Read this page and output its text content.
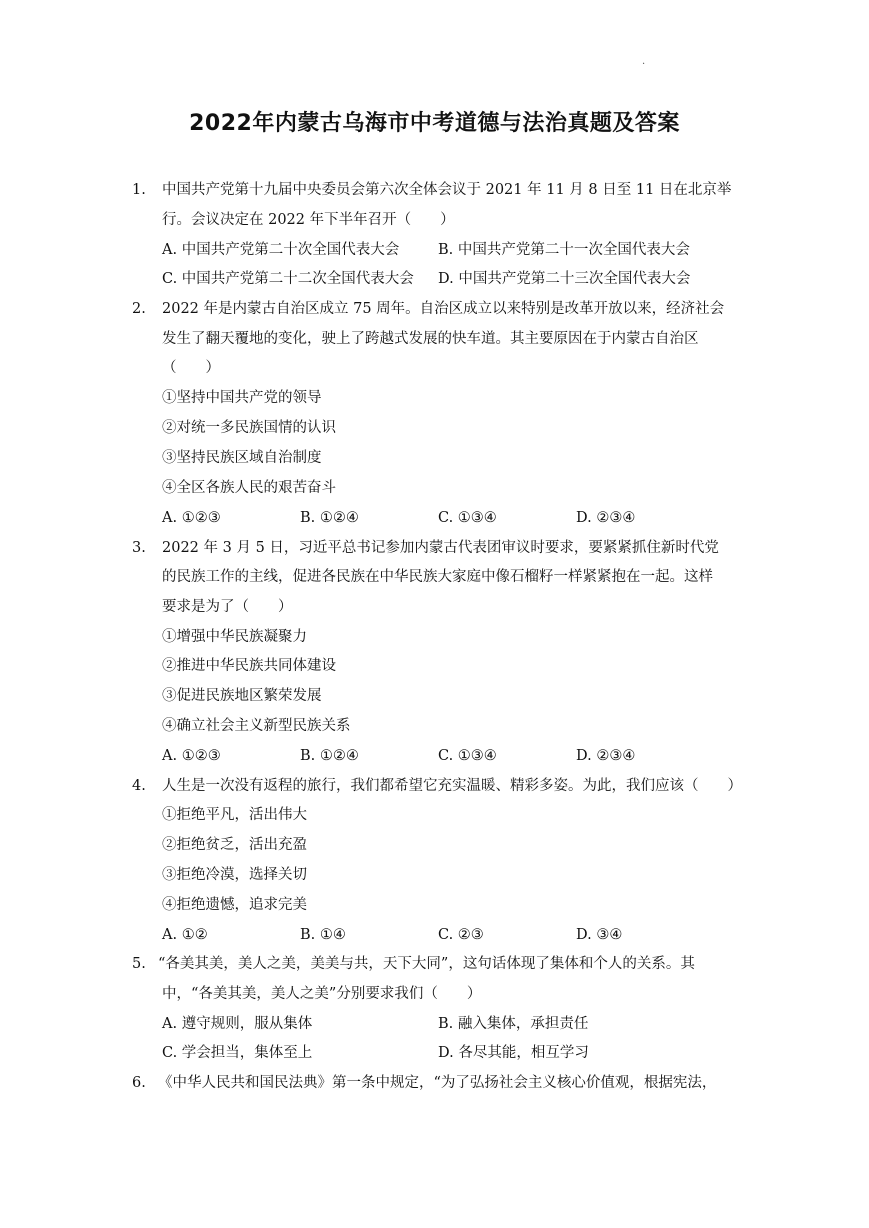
.
2022年内蒙古乌海市中考道德与法治真题及答案
1. 中国共产党第十九届中央委员会第六次全体会议于 2021 年 11 月 8 日至 11 日在北京举
行。会议决定在 2022 年下半年召开（　　）
A. 中国共产党第二十次全国代表大会	B. 中国共产党第二十一次全国代表大会
C. 中国共产党第二十二次全国代表大会 D. 中国共产党第二十三次全国代表大会
2. 2022 年是内蒙古自治区成立 75 周年。自治区成立以来特别是改革开放以来，经济社会
发生了翻天覆地的变化，驶上了跨越式发展的快车道。其主要原因在于内蒙古自治区
（　　）
①坚持中国共产党的领导
②对统一多民族国情的认识
③坚持民族区域自治制度
④全区各族人民的艰苦奋斗
A. ①②③	B. ①②④	C. ①③④	D. ②③④
3. 2022 年 3 月 5 日，习近平总书记参加内蒙古代表团审议时要求，要紧紧抓住新时代党
的民族工作的主线，促进各民族在中华民族大家庭中像石榴籽一样紧紧抱在一起。这样
要求是为了（　　）
①增强中华民族凝聚力
②推进中华民族共同体建设
③促进民族地区繁荣发展
④确立社会主义新型民族关系
A. ①②③	B. ①②④	C. ①③④	D. ②③④
4. 人生是一次没有返程的旅行，我们都希望它充实温暖、精彩多姿。为此，我们应该（　　）
①拒绝平凡，活出伟大
②拒绝贫乏，活出充盈
③拒绝冷漠，选择关切
④拒绝遗憾，追求完美
A. ①②	B. ①④	C. ②③	D. ③④
5. “各美其美，美人之美，美美与共，天下大同”，这句话体现了集体和个人的关系。其
中，“各美其美，美人之美”分别要求我们（　　）
A. 遵守规则，服从集体	B. 融入集体，承担责任
C. 学会担当，集体至上	D. 各尽其能，相互学习
6. 《中华人民共和国民法典》第一条中规定，“为了弘扬社会主义核心价值观，根据宪法，
